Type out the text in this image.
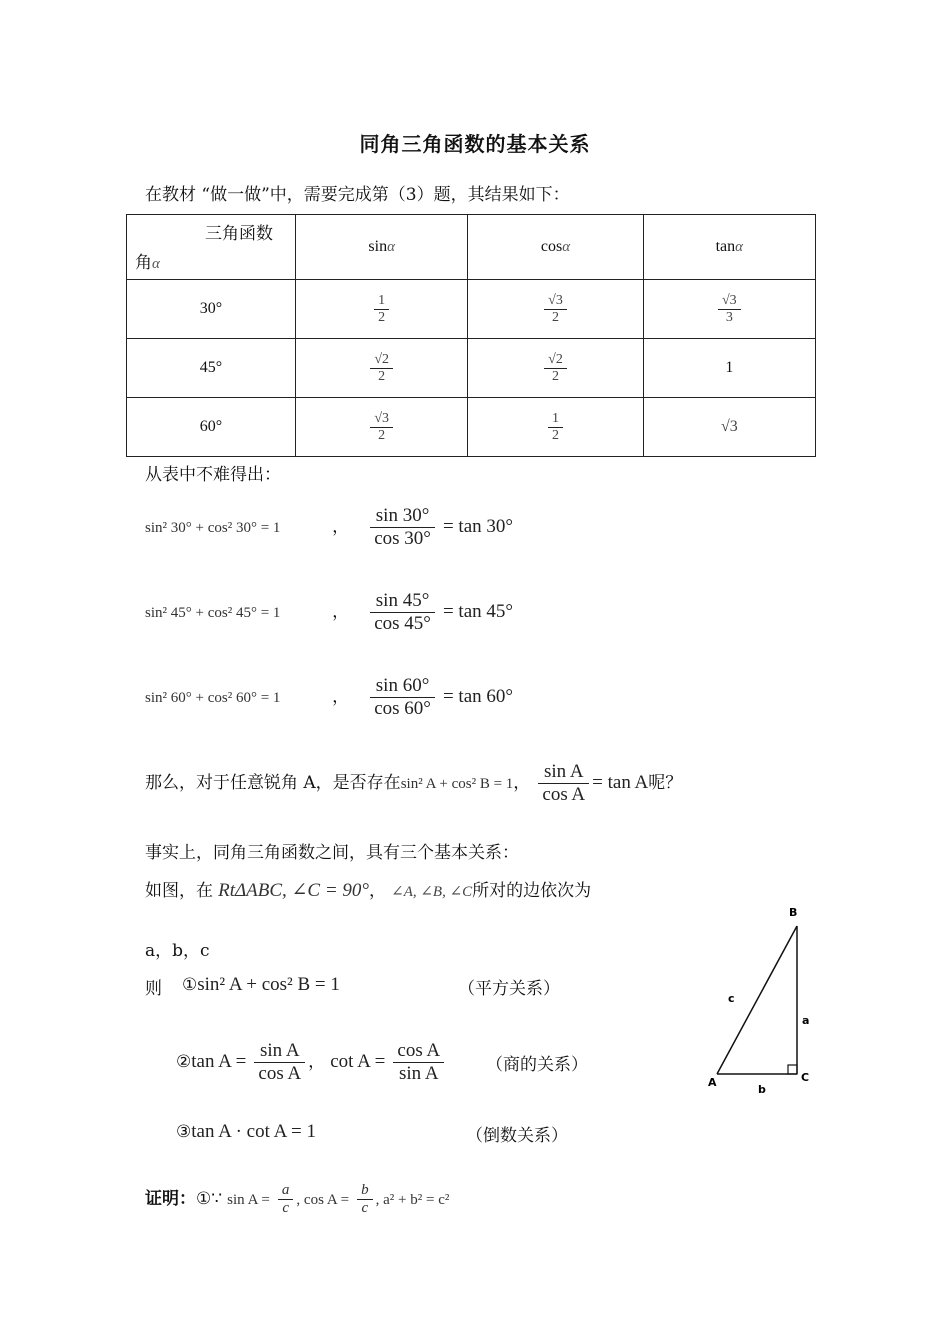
同角三角函数的基本关系
在教材 “做一做”中，需要完成第（3）题，其结果如下：
三角函数
角α	sinα	cosα	tanα
30°	$\frac{1}{2}$	$\frac{√3}{2}$	$\frac{√3}{3}$

45°	$\frac{√2}{2}$	$\frac{√2}{2}$	1
60°	$\frac{√3}{2}$	$\frac{1}{2}$	√3
从表中不难得出：
sin² 30° + cos² 30° = 1	， $\frac{\sin 30^\circ}{\cos 30^\circ} = \tan 30^\circ$
sin² 45° + cos² 45° = 1	， $\frac{\sin 45^\circ}{\cos 45^\circ} = \tan 45^\circ$
sin² 60° + cos² 60° = 1	， $\frac{\sin 60^\circ}{\cos 60^\circ} = \tan 60^\circ$
那么，对于任意锐角 A，是否存在sin² A + cos² B = 1， $\frac{\text{sin A}}{\text{cos A}} = \tan A$呢？
事实上，同角三角函数之间，具有三个基本关系：
如图，在 RtΔABC, ∠C = 90°， ∠A, ∠B, ∠C所对的边依次为
a，b，c
则 ①sin² A + cos² B = 1	（平方关系）
②tan $A = \frac{\text{sin A}}{\text{cos A}}$ ， $\cot A = \frac{\text{cos A}}{\text{sin A}}$ （商的关系）
③tan A · cot A = 1	（倒数关系）
证明：①∵ $\sin A = \frac{a}{c}$ , $\cos A = \frac{b}{c}$ , a² + b² = c²
B
A	C
a
b
c
